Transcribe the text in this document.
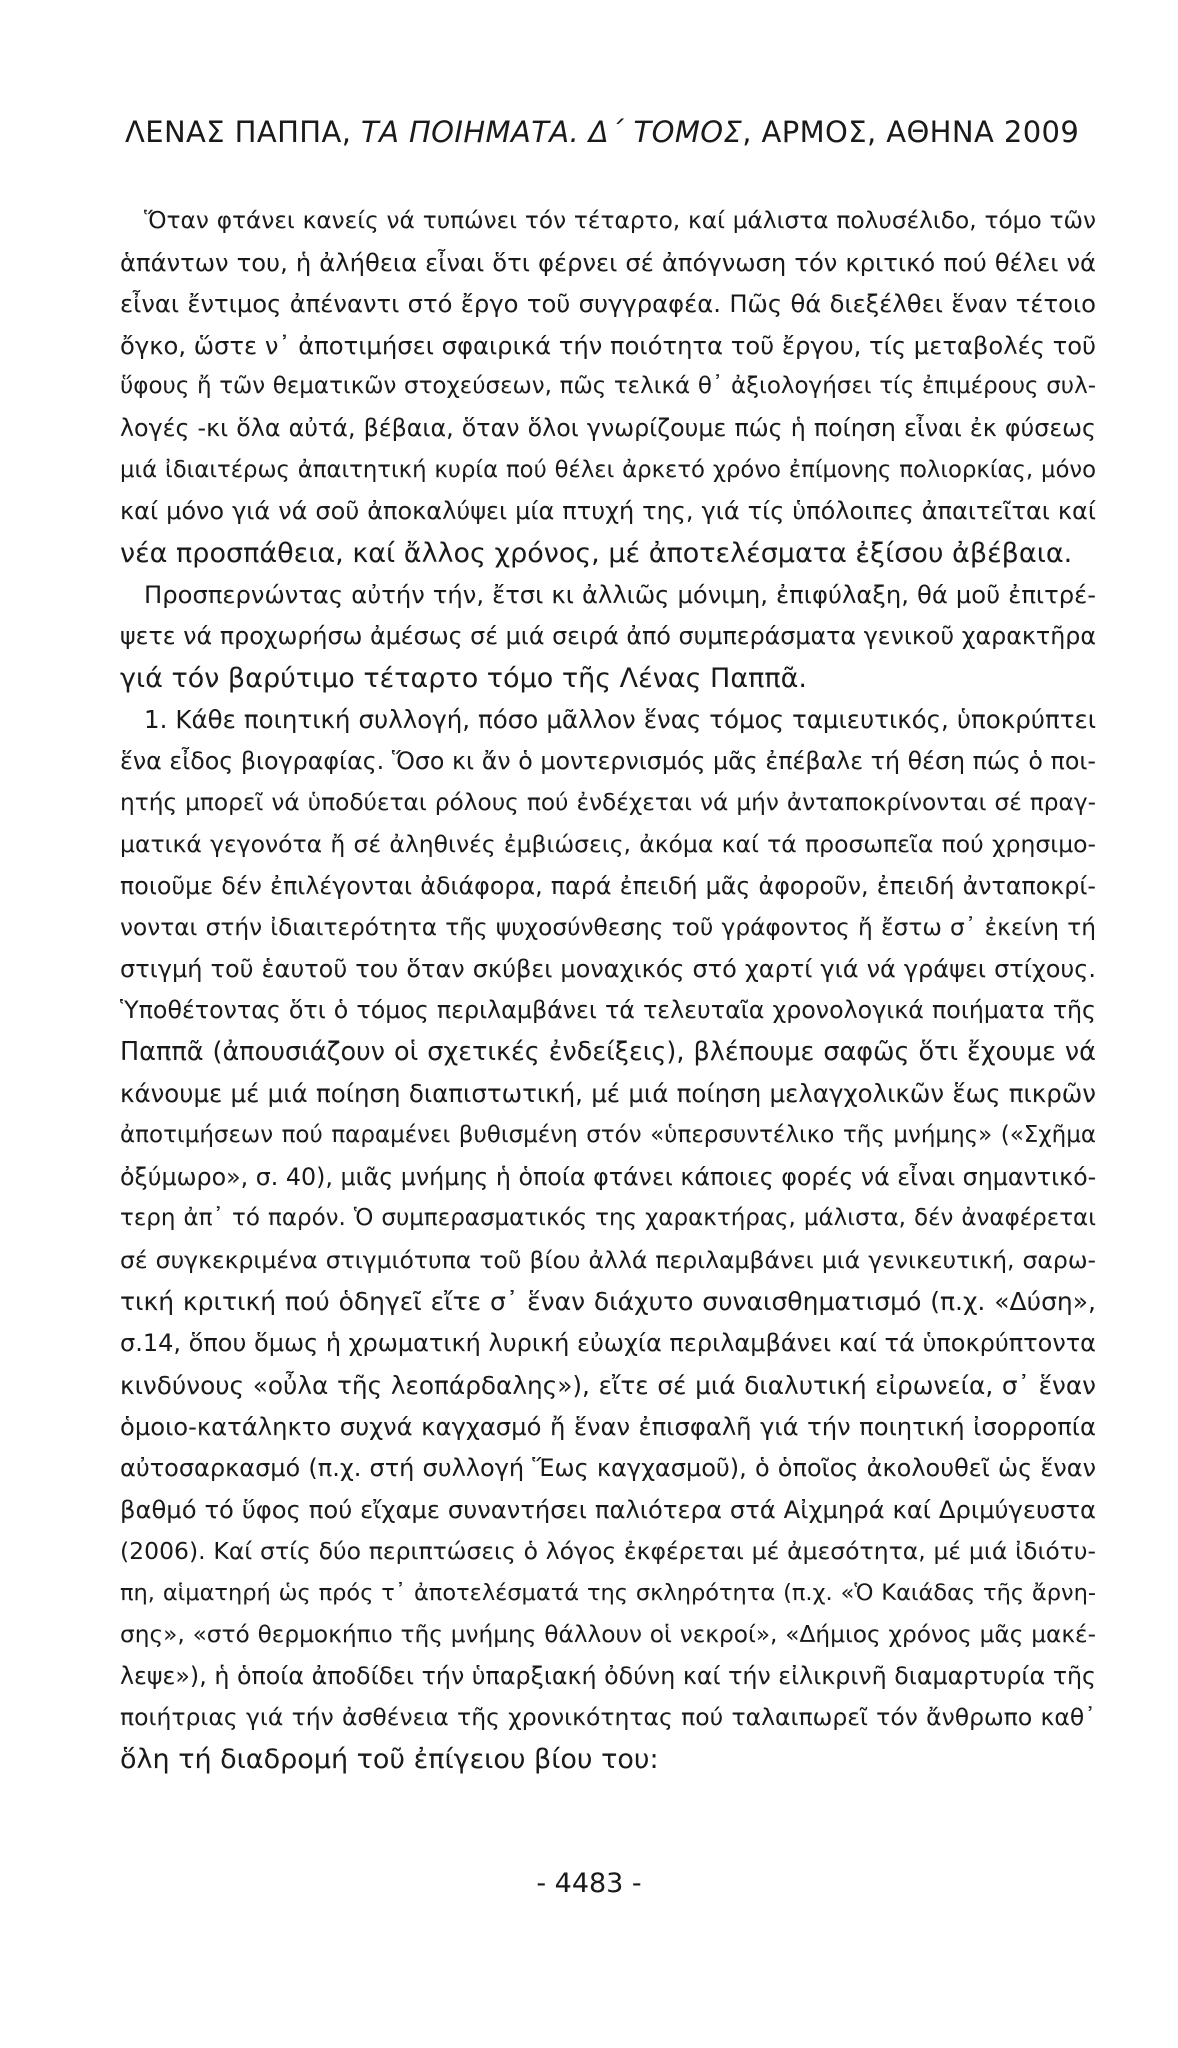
ΛΕΝΑΣ ΠΑΠΠΑ, ΤΑ ΠΟΙΗΜΑΤΑ. Δ΄ ΤΟΜΟΣ, ΑΡΜΟΣ, ΑΘΗΝΑ 2009
Ὅταν φτάνει κανείς νά τυπώνει τόν τέταρτο, καί μάλιστα πολυσέλιδο, τόμο τῶν
ἁπάντων του, ἡ ἀλήθεια εἶναι ὅτι φέρνει σέ ἀπόγνωση τόν κριτικό πού θέλει νά
εἶναι ἔντιμος ἀπέναντι στό ἔργο τοῦ συγγραφέα. Πῶς θά διεξέλθει ἕναν τέτοιο
ὄγκο, ὥστε ν᾽ ἀποτιμήσει σφαιρικά τήν ποιότητα τοῦ ἔργου, τίς μεταβολές τοῦ
ὕφους ἤ τῶν θεματικῶν στοχεύσεων, πῶς τελικά θ᾽ ἀξιολογήσει τίς ἐπιμέρους συλ-
λογές -κι ὅλα αὐτά, βέβαια, ὅταν ὅλοι γνωρίζουμε πώς ἡ ποίηση εἶναι ἐκ φύσεως
μιά ἰδιαιτέρως ἀπαιτητική κυρία πού θέλει ἀρκετό χρόνο ἐπίμονης πολιορκίας, μόνο
καί μόνο γιά νά σοῦ ἀποκαλύψει μία πτυχή της, γιά τίς ὑπόλοιπες ἀπαιτεῖται καί
νέα προσπάθεια, καί ἄλλος χρόνος, μέ ἀποτελέσματα ἐξίσου ἀβέβαια.
Προσπερνώντας αὐτήν τήν, ἔτσι κι ἀλλιῶς μόνιμη, ἐπιφύλαξη, θά μοῦ ἐπιτρέ-
ψετε νά προχωρήσω ἀμέσως σέ μιά σειρά ἀπό συμπεράσματα γενικοῦ χαρακτῆρα
γιά τόν βαρύτιμο τέταρτο τόμο τῆς Λένας Παππᾶ.
1. Κάθε ποιητική συλλογή, πόσο μᾶλλον ἕνας τόμος ταμιευτικός, ὑποκρύπτει
ἕνα εἶδος βιογραφίας. Ὅσο κι ἄν ὁ μοντερνισμός μᾶς ἐπέβαλε τή θέση πώς ὁ ποι-
ητής μπορεῖ νά ὑποδύεται ρόλους πού ἐνδέχεται νά μήν ἀνταποκρίνονται σέ πραγ-
ματικά γεγονότα ἤ σέ ἀληθινές ἐμβιώσεις, ἀκόμα καί τά προσωπεῖα πού χρησιμο-
ποιοῦμε δέν ἐπιλέγονται ἀδιάφορα, παρά ἐπειδή μᾶς ἀφοροῦν, ἐπειδή ἀνταποκρί-
νονται στήν ἰδιαιτερότητα τῆς ψυχοσύνθεσης τοῦ γράφοντος ἤ ἔστω σ᾽ ἐκείνη τή
στιγμή τοῦ ἑαυτοῦ του ὅταν σκύβει μοναχικός στό χαρτί γιά νά γράψει στίχους.
Ὑποθέτοντας ὅτι ὁ τόμος περιλαμβάνει τά τελευταῖα χρονολογικά ποιήματα τῆς
Παππᾶ (ἀπουσιάζουν οἱ σχετικές ἐνδείξεις), βλέπουμε σαφῶς ὅτι ἔχουμε νά
κάνουμε μέ μιά ποίηση διαπιστωτική, μέ μιά ποίηση μελαγχολικῶν ἕως πικρῶν
ἀποτιμήσεων πού παραμένει βυθισμένη στόν «ὑπερσυντέλικο τῆς μνήμης» («Σχῆμα
ὀξύμωρο», σ. 40), μιᾶς μνήμης ἡ ὁποία φτάνει κάποιες φορές νά εἶναι σημαντικό-
τερη ἀπ᾽ τό παρόν. Ὁ συμπερασματικός της χαρακτήρας, μάλιστα, δέν ἀναφέρεται
σέ συγκεκριμένα στιγμιότυπα τοῦ βίου ἀλλά περιλαμβάνει μιά γενικευτική, σαρω-
τική κριτική πού ὁδηγεῖ εἴτε σ᾽ ἕναν διάχυτο συναισθηματισμό (π.χ. «Δύση»,
σ.14, ὅπου ὅμως ἡ χρωματική λυρική εὐωχία περιλαμβάνει καί τά ὑποκρύπτοντα
κινδύνους «οὖλα τῆς λεοπάρδαλης»), εἴτε σέ μιά διαλυτική εἰρωνεία, σ᾽ ἕναν
ὁμοιο-κατάληκτο συχνά καγχασμό ἤ ἕναν ἐπισφαλῆ γιά τήν ποιητική ἰσορροπία
αὐτοσαρκασμό (π.χ. στή συλλογή Ἕως καγχασμοῦ), ὁ ὁποῖος ἀκολουθεῖ ὡς ἕναν
βαθμό τό ὕφος πού εἴχαμε συναντήσει παλιότερα στά Αἰχμηρά καί Δριμύγευστα
(2006). Καί στίς δύο περιπτώσεις ὁ λόγος ἐκφέρεται μέ ἀμεσότητα, μέ μιά ἰδιότυ-
πη, αἱματηρή ὡς πρός τ᾽ ἀποτελέσματά της σκληρότητα (π.χ. «Ὁ Καιάδας τῆς ἄρνη-
σης», «στό θερμοκήπιο τῆς μνήμης θάλλουν οἱ νεκροί», «Δήμιος χρόνος μᾶς μακέ-
λεψε»), ἡ ὁποία ἀποδίδει τήν ὑπαρξιακή ὀδύνη καί τήν εἰλικρινῆ διαμαρτυρία τῆς
ποιήτριας γιά τήν ἀσθένεια τῆς χρονικότητας πού ταλαιπωρεῖ τόν ἄνθρωπο καθ᾽
ὅλη τή διαδρομή τοῦ ἐπίγειου βίου του:
- 4483 -
